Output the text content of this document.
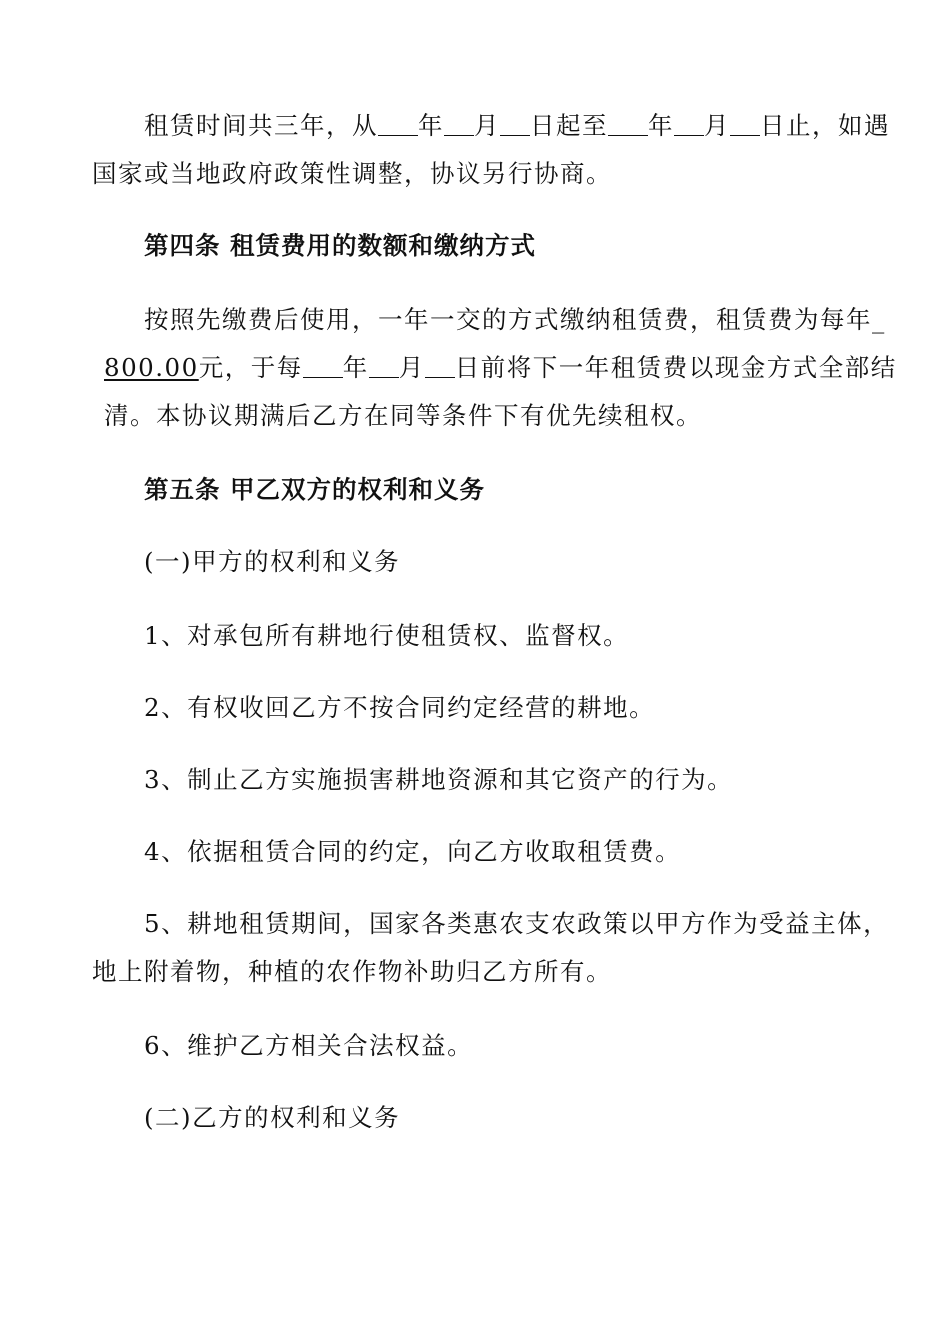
租赁时间共三年，从 年 月 日起至 年 月 日止，如遇
国家或当地政府政策性调整，协议另行协商。
第四条 租赁费用的数额和缴纳方式
按照先缴费后使用，一年一交的方式缴纳租赁费，租赁费为每年_
800.00元，于每 年 月 日前将下一年租赁费以现金方式全部结
清。本协议期满后乙方在同等条件下有优先续租权。
第五条 甲乙双方的权利和义务
(一)甲方的权利和义务
1、对承包所有耕地行使租赁权、监督权。
2、有权收回乙方不按合同约定经营的耕地。
3、制止乙方实施损害耕地资源和其它资产的行为。
4、依据租赁合同的约定，向乙方收取租赁费。
5、耕地租赁期间，国家各类惠农支农政策以甲方作为受益主体，
地上附着物，种植的农作物补助归乙方所有。
6、维护乙方相关合法权益。
(二)乙方的权利和义务
